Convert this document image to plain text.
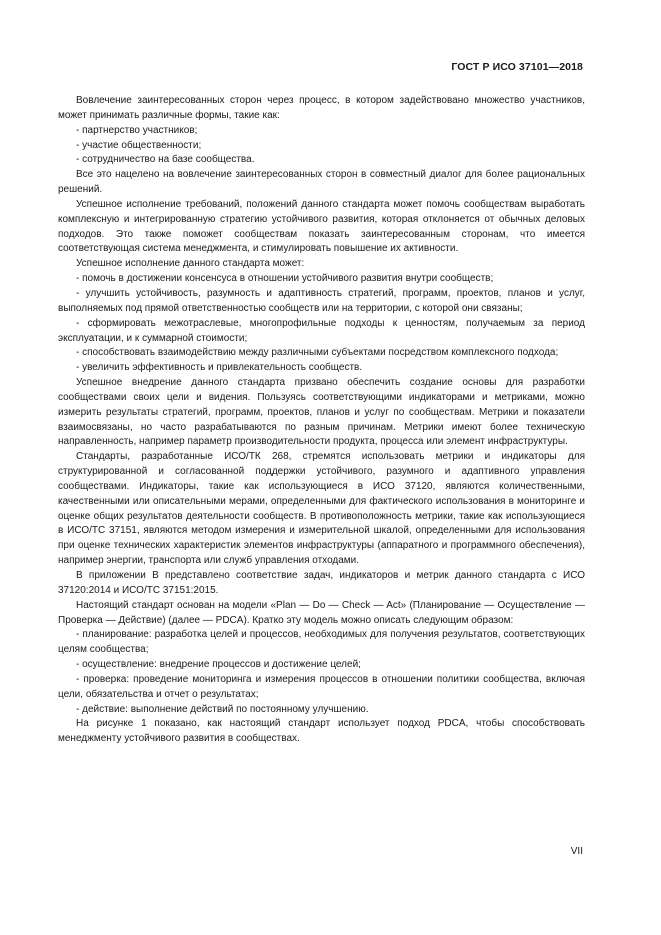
ГОСТ Р ИСО 37101—2018

Вовлечение заинтересованных сторон через процесс, в котором задействовано множество участников, может принимать различные формы, такие как:

- партнерство участников;

- участие общественности;

- сотрудничество на базе сообщества.

Все это нацелено на вовлечение заинтересованных сторон в совместный диалог для более рациональных решений.

Успешное исполнение требований, положений данного стандарта может помочь сообществам выработать комплексную и интегрированную стратегию устойчивого развития, которая отклоняется от обычных деловых подходов. Это также поможет сообществам показать заинтересованным сторонам, что имеется соответствующая система менеджмента, и стимулировать повышение их активности.

Успешное исполнение данного стандарта может:

- помочь в достижении консенсуса в отношении устойчивого развития внутри сообществ;

- улучшить устойчивость, разумность и адаптивность стратегий, программ, проектов, планов и услуг, выполняемых под прямой ответственностью сообществ или на территории, с которой они связаны;

- сформировать межотраслевые, многопрофильные подходы к ценностям, получаемым за период эксплуатации, и к суммарной стоимости;

- способствовать взаимодействию между различными субъектами посредством комплексного подхода;

- увеличить эффективность и привлекательность сообществ.

Успешное внедрение данного стандарта призвано обеспечить создание основы для разработки сообществами своих цели и видения. Пользуясь соответствующими индикаторами и метриками, можно измерить результаты стратегий, программ, проектов, планов и услуг по сообществам. Метрики и показатели взаимосвязаны, но часто разрабатываются по разным причинам. Метрики имеют более техническую направленность, например параметр производительности продукта, процесса или элемент инфраструктуры.

Стандарты, разработанные ИСО/ТК 268, стремятся использовать метрики и индикаторы для структурированной и согласованной поддержки устойчивого, разумного и адаптивного управления сообществами. Индикаторы, такие как использующиеся в ИСО 37120, являются количественными, качественными или описательными мерами, определенными для фактического использования в мониторинге и оценке общих результатов деятельности сообществ. В противоположность метрики, такие как использующиеся в ИСО/ТС 37151, являются методом измерения и измерительной шкалой, определенными для использования при оценке технических характеристик элементов инфраструктуры (аппаратного и программного обеспечения), например энергии, транспорта или служб управления отходами.

В приложении В представлено соответствие задач, индикаторов и метрик данного стандарта с ИСО 37120:2014 и ИСО/ТС 37151:2015.

Настоящий стандарт основан на модели «Plan — Do — Check — Act» (Планирование — Осуществление — Проверка — Действие) (далее — PDCA). Кратко эту модель можно описать следующим образом:

- планирование: разработка целей и процессов, необходимых для получения результатов, соответствующих целям сообщества;

- осуществление: внедрение процессов и достижение целей;

- проверка: проведение мониторинга и измерения процессов в отношении политики сообщества, включая цели, обязательства и отчет о результатах;

- действие: выполнение действий по постоянному улучшению.

На рисунке 1 показано, как настоящий стандарт использует подход PDCA, чтобы способствовать менеджменту устойчивого развития в сообществах.

VII
